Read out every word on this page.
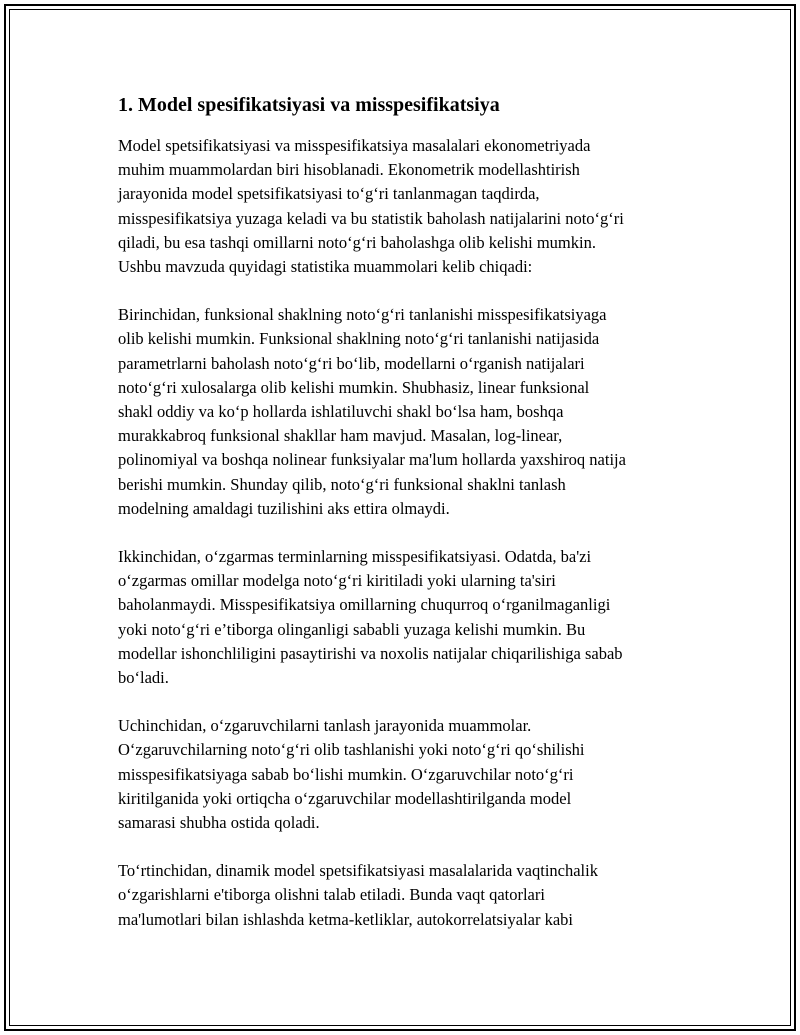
1. Model spesifikatsiyasi va misspesifikatsiya

Model spetsifikatsiyasi va misspesifikatsiya masalalari ekonometriyada
muhim muammolardan biri hisoblanadi. Ekonometrik modellashtirish
jarayonida model spetsifikatsiyasi to‘g‘ri tanlanmagan taqdirda,
misspesifikatsiya yuzaga keladi va bu statistik baholash natijalarini noto‘g‘ri
qiladi, bu esa tashqi omillarni noto‘g‘ri baholashga olib kelishi mumkin.
Ushbu mavzuda quyidagi statistika muammolari kelib chiqadi:

Birinchidan, funksional shaklning noto‘g‘ri tanlanishi misspesifikatsiyaga
olib kelishi mumkin. Funksional shaklning noto‘g‘ri tanlanishi natijasida
parametrlarni baholash noto‘g‘ri bo‘lib, modellarni o‘rganish natijalari
noto‘g‘ri xulosalarga olib kelishi mumkin. Shubhasiz, linear funksional
shakl oddiy va ko‘p hollarda ishlatiluvchi shakl bo‘lsa ham, boshqa
murakkabroq funksional shakllar ham mavjud. Masalan, log-linear,
polinomiyal va boshqa nolinear funksiyalar ma'lum hollarda yaxshiroq natija
berishi mumkin. Shunday qilib, noto‘g‘ri funksional shaklni tanlash
modelning amaldagi tuzilishini aks ettira olmaydi.

Ikkinchidan, o‘zgarmas terminlarning misspesifikatsiyasi. Odatda, ba'zi
o‘zgarmas omillar modelga noto‘g‘ri kiritiladi yoki ularning ta'siri
baholanmaydi. Misspesifikatsiya omillarning chuqurroq o‘rganilmaganligi
yoki noto‘g‘ri e’tiborga olinganligi sababli yuzaga kelishi mumkin. Bu
modellar ishonchliligini pasaytirishi va noxolis natijalar chiqarilishiga sabab
bo‘ladi.

Uchinchidan, o‘zgaruvchilarni tanlash jarayonida muammolar.
O‘zgaruvchilarning noto‘g‘ri olib tashlanishi yoki noto‘g‘ri qo‘shilishi
misspesifikatsiyaga sabab bo‘lishi mumkin. O‘zgaruvchilar noto‘g‘ri
kiritilganida yoki ortiqcha o‘zgaruvchilar modellashtirilganda model
samarasi shubha ostida qoladi.

To‘rtinchidan, dinamik model spetsifikatsiyasi masalalarida vaqtinchalik
o‘zgarishlarni e'tiborga olishni talab etiladi. Bunda vaqt qatorlari
ma'lumotlari bilan ishlashda ketma-ketliklar, autokorrelatsiyalar kabi
